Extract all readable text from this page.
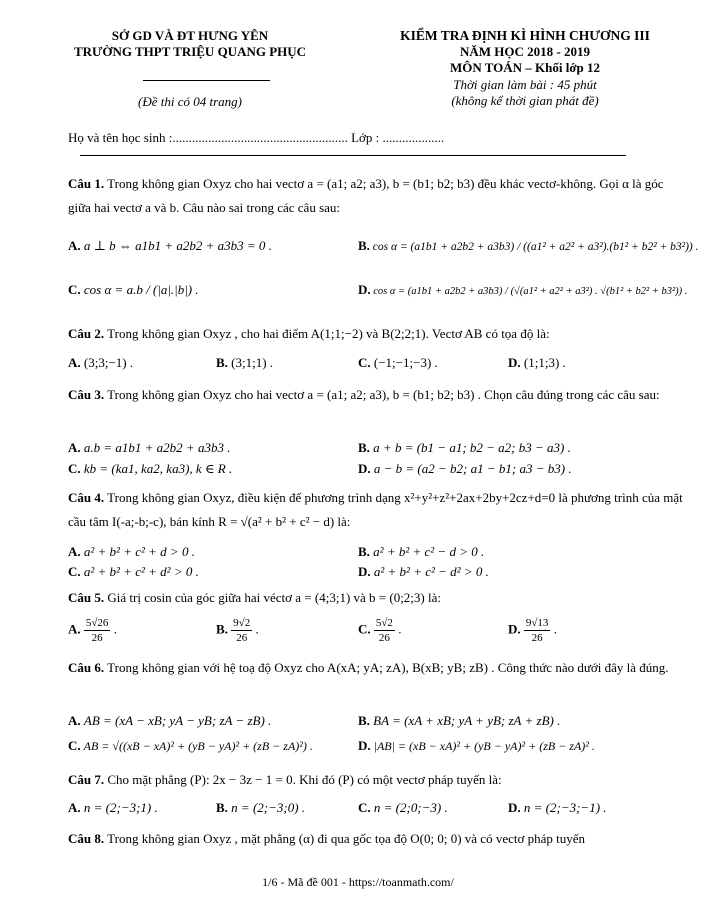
SỞ GD VÀ ĐT HƯNG YÊN
TRƯỜNG THPT TRIỆU QUANG PHỤC
(Đề thi có 04 trang)
KIỂM TRA ĐỊNH KÌ HÌNH CHƯƠNG III
NĂM HỌC 2018 - 2019
MÔN TOÁN – Khối lớp 12
Thời gian làm bài : 45 phút
(không kể thời gian phát đề)
Họ và tên học sinh :...................................................... Lớp : ...................
Câu 1. Trong không gian Oxyz cho hai vectơ a = (a1; a2; a3), b = (b1; b2; b3) đều khác vectơ-không. Gọi α là góc giữa hai vectơ a và b. Câu nào sai trong các câu sau:
A. a ⊥ b ⇔ a1b1 + a2b2 + a3b3 = 0 .	B. cos α = (a1b1 + a2b2 + a3b3) / ((a1² + a2² + a3²).(b1² + b2² + b3²)) .
C. cos α = a.b / (|a|.|b|) .	D. cos α = (a1b1 + a2b2 + a3b3) / (√(a1² + a2² + a3²) . √(b1² + b2² + b3²)) .
Câu 2. Trong không gian Oxyz , cho hai điểm A(1;1;−2) và B(2;2;1). Vectơ AB có tọa độ là:
A. (3;3;−1) .	B. (3;1;1) .	C. (−1;−1;−3) .	D. (1;1;3) .
Câu 3. Trong không gian Oxyz cho hai vectơ a = (a1; a2; a3), b = (b1; b2; b3) . Chọn câu đúng trong các câu sau:
A. a.b = a1b1 + a2b2 + a3b3 .	B. a + b = (b1 − a1; b2 − a2; b3 − a3) .
C. kb = (ka1, ka2, ka3), k ∈ R .	D. a − b = (a2 − b2; a1 − b1; a3 − b3) .
Câu 4. Trong không gian Oxyz, điều kiện để phương trình dạng x²+y²+z²+2ax+2by+2cz+d=0 là phương trình của mặt cầu tâm I(-a;-b;-c), bán kính R = √(a² + b² + c² − d) là:
A. a² + b² + c² + d > 0 .	B. a² + b² + c² − d > 0 .
C. a² + b² + c² + d² > 0 .	D. a² + b² + c² − d² > 0 .
Câu 5. Giá trị cosin của góc giữa hai véctơ a = (4;3;1) và b = (0;2;3) là:
A. $\frac{5√26}{26}$ .	B. $\frac{9√2}{26}$ .	C. $\frac{5√2}{26}$ .	D. $\frac{9√13}{26}$ .
Câu 6. Trong không gian với hệ toạ độ Oxyz cho A(xA; yA; zA), B(xB; yB; zB) . Công thức nào dưới đây là đúng.
A. AB = (xA − xB; yA − yB; zA − zB) .	B. BA = (xA + xB; yA + yB; zA + zB) .
C. AB = √((xB − xA)² + (yB − yA)² + (zB − zA)²) .	D. |AB| = (xB − xA)² + (yB − yA)² + (zB − zA)² .
Câu 7. Cho mặt phẳng (P): 2x − 3z − 1 = 0. Khi đó (P) có một vectơ pháp tuyến là:
A. n = (2;−3;1) .	B. n = (2;−3;0) .	C. n = (2;0;−3) .	D. n = (2;−3;−1) .
Câu 8. Trong không gian Oxyz , mặt phẳng (α) đi qua gốc tọa độ O(0; 0; 0) và có vectơ pháp tuyến
1/6 - Mã đề 001 - https://toanmath.com/
